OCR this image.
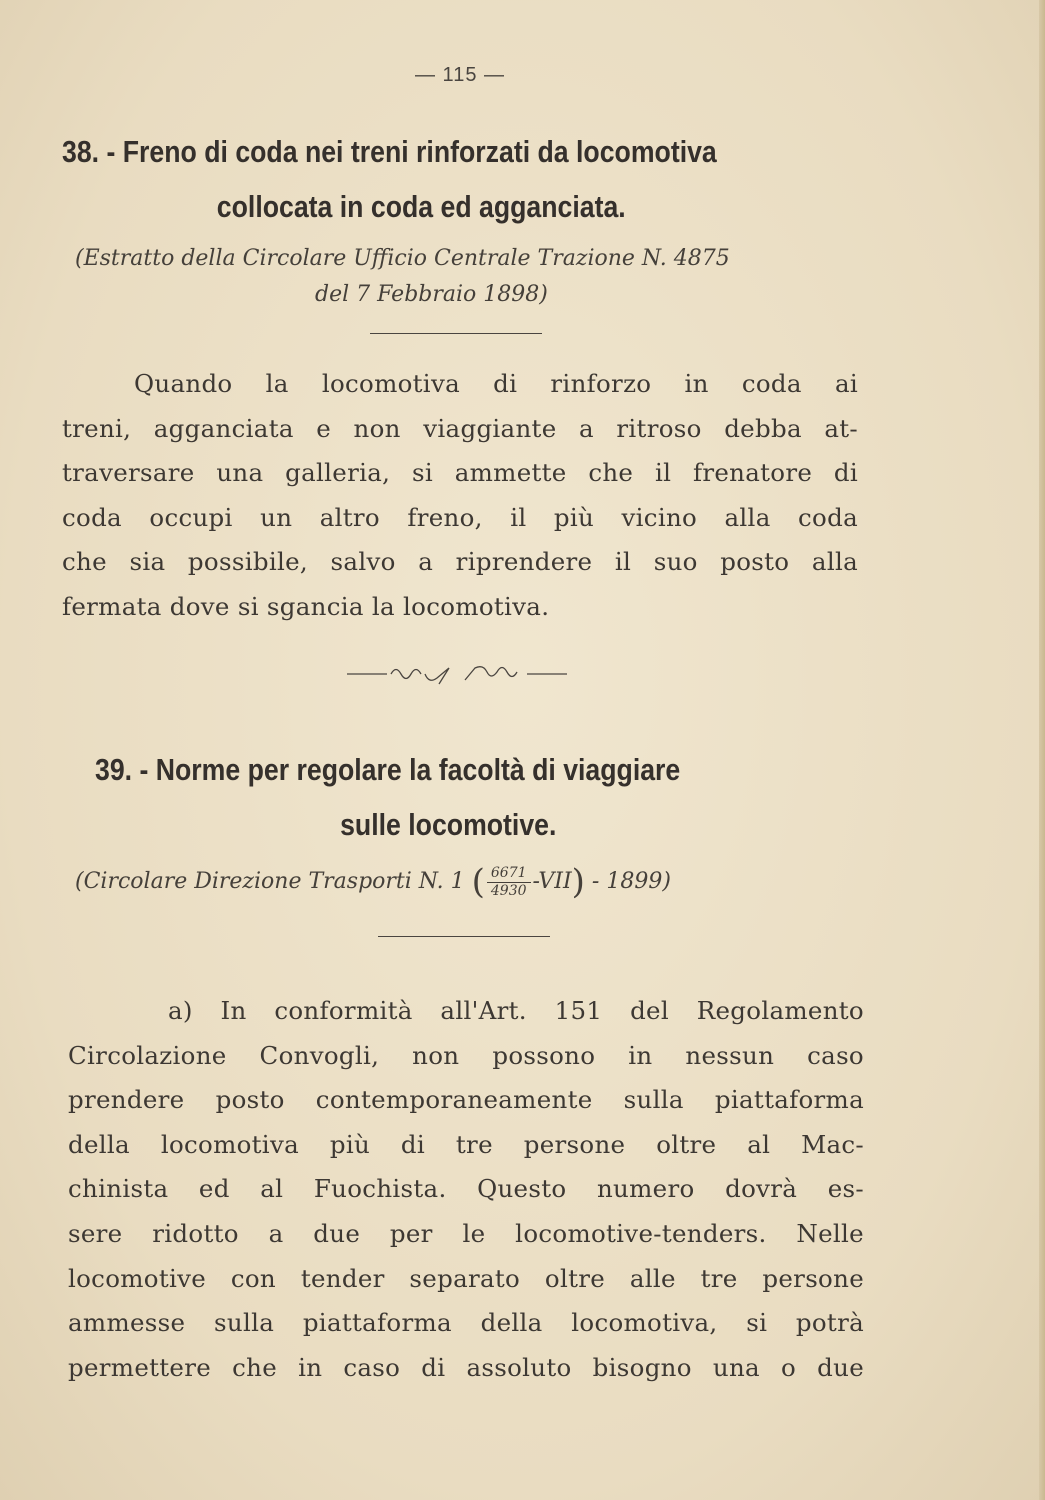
— 115 —
38. - Freno di coda nei treni rinforzati da locomotiva
collocata in coda ed agganciata.
(Estratto della Circolare Ufficio Centrale Trazione N. 4875
del 7 Febbraio 1898)
Quando la locomotiva di rinforzo in coda ai
treni, agganciata e non viaggiante a ritroso debba at-
traversare una galleria, si ammette che il frenatore di
coda occupi un altro freno, il più vicino alla coda
che sia possibile, salvo a riprendere il suo posto alla
fermata dove si sgancia la locomotiva.
39. - Norme per regolare la facoltà di viaggiare
sulle locomotive.
(Circolare Direzione Trasporti N. 1 ( $\frac{6671}{4930} -VII) - 1899$)
a) In conformità all'Art. 151 del Regolamento
Circolazione Convogli, non possono in nessun caso
prendere posto contemporaneamente sulla piattaforma
della locomotiva più di tre persone oltre al Mac-
chinista ed al Fuochista. Questo numero dovrà es-
sere ridotto a due per le locomotive-tenders. Nelle
locomotive con tender separato oltre alle tre persone
ammesse sulla piattaforma della locomotiva, si potrà
permettere che in caso di assoluto bisogno una o due
